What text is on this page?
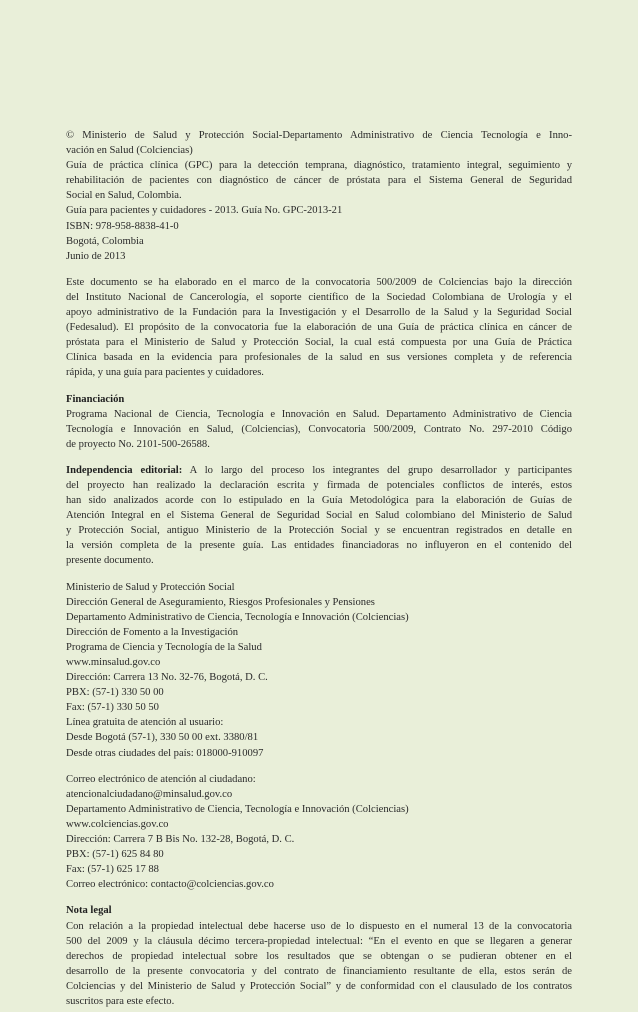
© Ministerio de Salud y Protección Social-Departamento Administrativo de Ciencia Tecnología e Inno-
vación en Salud (Colciencias)
Guía de práctica clínica (GPC) para la detección temprana, diagnóstico, tratamiento integral, seguimiento y
rehabilitación de pacientes con diagnóstico de cáncer de próstata para el Sistema General de Seguridad
Social en Salud, Colombia.
Guía para pacientes y cuidadores - 2013. Guía No. GPC-2013-21
ISBN: 978-958-8838-41-0
Bogotá, Colombia
Junio de 2013
Este documento se ha elaborado en el marco de la convocatoria 500/2009 de Colciencias bajo la dirección
del Instituto Nacional de Cancerología, el soporte científico de la Sociedad Colombiana de Urología y el
apoyo administrativo de la Fundación para la Investigación y el Desarrollo de la Salud y la Seguridad Social
(Fedesalud). El propósito de la convocatoria fue la elaboración de una Guía de práctica clínica en cáncer de
próstata para el Ministerio de Salud y Protección Social, la cual está compuesta por una Guía de Práctica
Clínica basada en la evidencia para profesionales de la salud en sus versiones completa y de referencia
rápida, y una guía para pacientes y cuidadores.
Financiación
Programa Nacional de Ciencia, Tecnología e Innovación en Salud. Departamento Administrativo de Ciencia
Tecnología e Innovación en Salud, (Colciencias), Convocatoria 500/2009, Contrato No. 297-2010 Código
de proyecto No. 2101-500-26588.
Independencia editorial: A lo largo del proceso los integrantes del grupo desarrollador y participantes
del proyecto han realizado la declaración escrita y firmada de potenciales conflictos de interés, estos
han sido analizados acorde con lo estipulado en la Guía Metodológica para la elaboración de Guías de
Atención Integral en el Sistema General de Seguridad Social en Salud colombiano del Ministerio de Salud
y Protección Social, antiguo Ministerio de la Protección Social y se encuentran registrados en detalle en
la versión completa de la presente guía. Las entidades financiadoras no influyeron en el contenido del
presente documento.
Ministerio de Salud y Protección Social
Dirección General de Aseguramiento, Riesgos Profesionales y Pensiones
Departamento Administrativo de Ciencia, Tecnología e Innovación (Colciencias)
Dirección de Fomento a la Investigación
Programa de Ciencia y Tecnología de la Salud
www.minsalud.gov.co
Dirección: Carrera 13 No. 32-76, Bogotá, D. C.
PBX: (57-1) 330 50 00
Fax: (57-1) 330 50 50
Línea gratuita de atención al usuario:
Desde Bogotá (57-1), 330 50 00 ext. 3380/81
Desde otras ciudades del país: 018000-910097
Correo electrónico de atención al ciudadano:
atencionalciudadano@minsalud.gov.co
Departamento Administrativo de Ciencia, Tecnología e Innovación (Colciencias)
www.colciencias.gov.co
Dirección: Carrera 7 B Bis No. 132-28, Bogotá, D. C.
PBX: (57-1) 625 84 80
Fax: (57-1) 625 17 88
Correo electrónico: contacto@colciencias.gov.co
Nota legal
Con relación a la propiedad intelectual debe hacerse uso de lo dispuesto en el numeral 13 de la convocatoria
500 del 2009 y la cláusula décimo tercera-propiedad intelectual: “En el evento en que se llegaren a generar
derechos de propiedad intelectual sobre los resultados que se obtengan o se pudieran obtener en el
desarrollo de la presente convocatoria y del contrato de financiamiento resultante de ella, estos serán de
Colciencias y del Ministerio de Salud y Protección Social” y de conformidad con el clausulado de los contratos
suscritos para este efecto.
